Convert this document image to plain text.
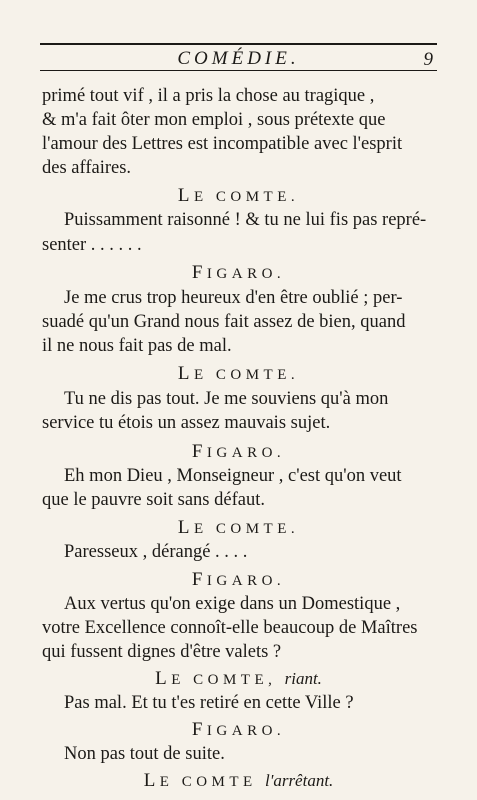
COMÉDIE.	9
primé tout vif , il a pris la chose au tragique ,
& m'a fait ôter mon emploi , sous prétexte que
l'amour des Lettres est incompatible avec l'esprit
des affaires.
LE COMTE.
Puissamment raisonné ! & tu ne lui fis pas repré-
senter . . . . . .
FIGARO.
Je me crus trop heureux d'en être oublié ; per-
suadé qu'un Grand nous fait assez de bien, quand
il ne nous fait pas de mal.
LE COMTE.
Tu ne dis pas tout. Je me souviens qu'à mon
service tu étois un assez mauvais sujet.
FIGARO.
Eh mon Dieu , Monseigneur , c'est qu'on veut
que le pauvre soit sans défaut.
LE COMTE.
Paresseux , dérangé . . . .
FIGARO.
Aux vertus qu'on exige dans un Domestique ,
votre Excellence connoît-elle beaucoup de Maîtres
qui fussent dignes d'être valets ?
LE COMTE, riant.
Pas mal. Et tu t'es retiré en cette Ville ?
FIGARO.
Non pas tout de suite.
LE COMTE l'arrêtant.
